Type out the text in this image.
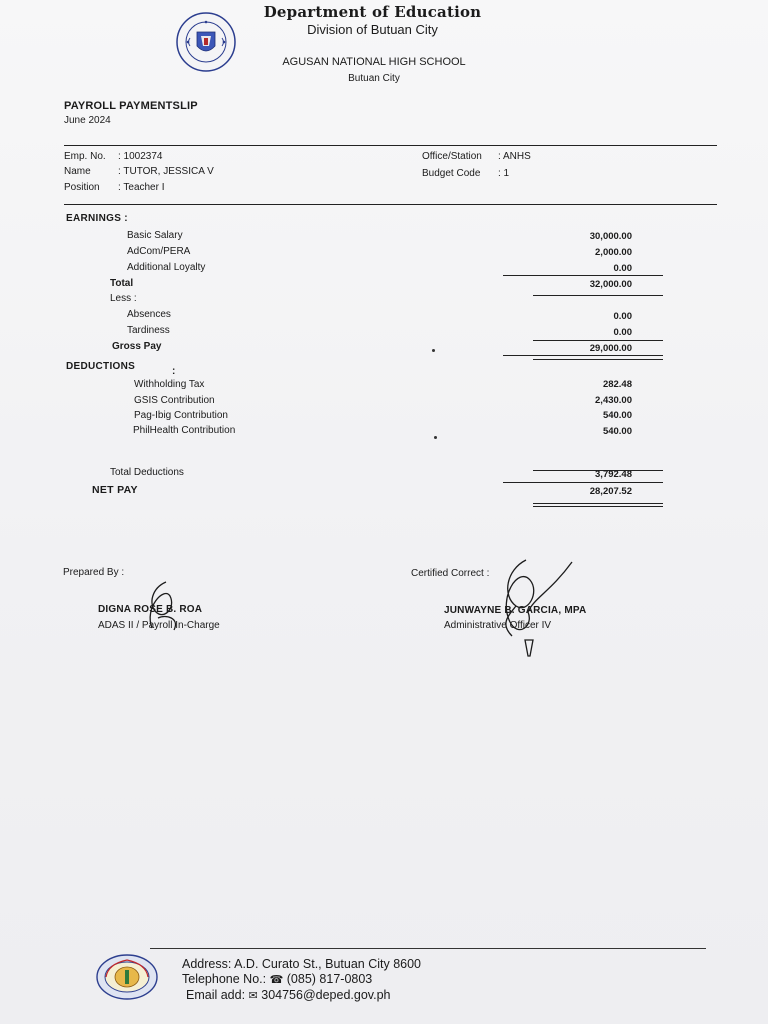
Department of Education
Division of Butuan City
AGUSAN NATIONAL HIGH SCHOOL
Butuan City
PAYROLL PAYMENTSLIP
June 2024
Emp. No. : 1002374
Name	: TUTOR, JESSICA V
Position : Teacher I
Office/Station : ANHS
Budget Code : 1
EARNINGS :
Basic Salary	30,000.00
AdCom/PERA	2,000.00
Additional Loyalty	0.00
Total	32,000.00
Less :
Absences	0.00
Tardiness	0.00
Gross Pay	29,000.00
DEDUCTIONS	:
Withholding Tax	282.48
GSIS Contribution	2,430.00
Pag-Ibig Contribution	540.00
PhilHealth Contribution	540.00
Total Deductions	3,792.48
NET PAY	28,207.52
Prepared By :
DIGNA ROSE B. ROA
ADAS II / Payroll In-Charge
Certified Correct :
JUNWAYNE B. GARCIA, MPA
Administrative Officer IV
Address: A.D. Curato St., Butuan City 8600
Telephone No.: ☎ (085) 817-0803
Email add: ✉ 304756@deped.gov.ph
